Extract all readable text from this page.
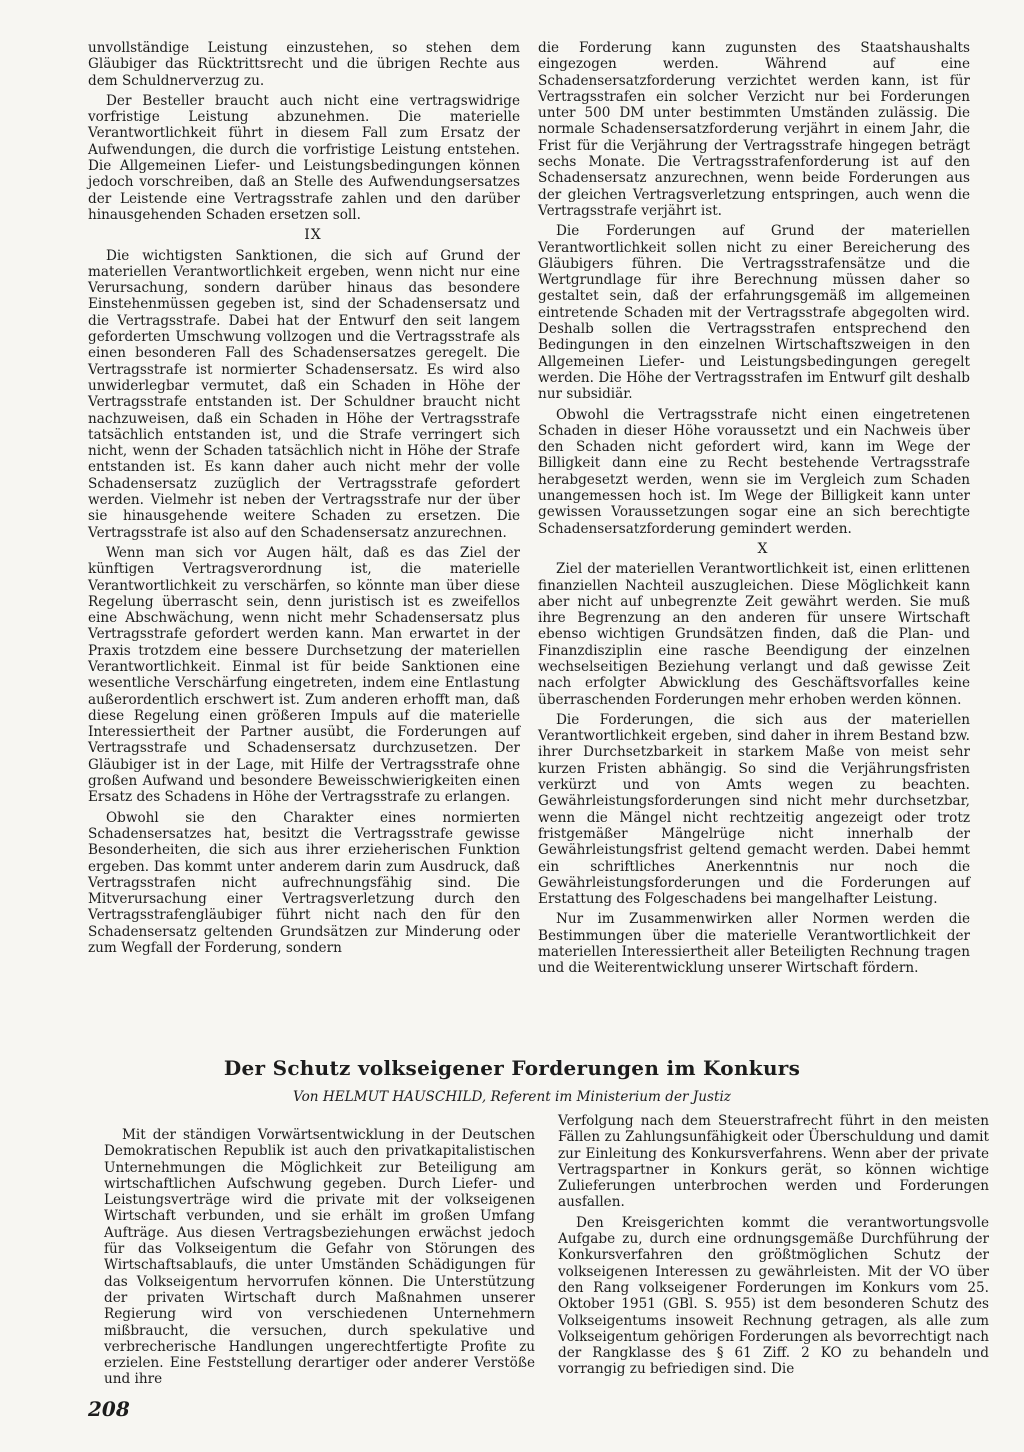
unvollständige Leistung einzustehen, so stehen dem Gläubiger das Rücktrittsrecht und die übrigen Rechte aus dem Schuldnerverzug zu.

Der Besteller braucht auch nicht eine vertragswidrige vorfristige Leistung abzunehmen. Die materielle Verantwortlichkeit führt in diesem Fall zum Ersatz der Aufwendungen, die durch die vorfristige Leistung entstehen. Die Allgemeinen Liefer- und Leistungsbedingungen können jedoch vorschreiben, daß an Stelle des Aufwendungsersatzes der Leistende eine Vertragsstrafe zahlen und den darüber hinausgehenden Schaden ersetzen soll.

IX

Die wichtigsten Sanktionen, die sich auf Grund der materiellen Verantwortlichkeit ergeben, wenn nicht nur eine Verursachung, sondern darüber hinaus das besondere Einstehenmüssen gegeben ist, sind der Schadensersatz und die Vertragsstrafe. Dabei hat der Entwurf den seit langem geforderten Umschwung vollzogen und die Vertragsstrafe als einen besonderen Fall des Schadensersatzes geregelt. Die Vertragsstrafe ist normierter Schadensersatz. Es wird also unwiderlegbar vermutet, daß ein Schaden in Höhe der Vertragsstrafe entstanden ist. Der Schuldner braucht nicht nachzuweisen, daß ein Schaden in Höhe der Vertragsstrafe tatsächlich entstanden ist, und die Strafe verringert sich nicht, wenn der Schaden tatsächlich nicht in Höhe der Strafe entstanden ist. Es kann daher auch nicht mehr der volle Schadensersatz zuzüglich der Vertragsstrafe gefordert werden. Vielmehr ist neben der Vertragsstrafe nur der über sie hinausgehende weitere Schaden zu ersetzen. Die Vertragsstrafe ist also auf den Schadensersatz anzurechnen.

Wenn man sich vor Augen hält, daß es das Ziel der künftigen Vertragsverordnung ist, die materielle Verantwortlichkeit zu verschärfen, so könnte man über diese Regelung überrascht sein, denn juristisch ist es zweifellos eine Abschwächung, wenn nicht mehr Schadensersatz plus Vertragsstrafe gefordert werden kann. Man erwartet in der Praxis trotzdem eine bessere Durchsetzung der materiellen Verantwortlichkeit. Einmal ist für beide Sanktionen eine wesentliche Verschärfung eingetreten, indem eine Entlastung außerordentlich erschwert ist. Zum anderen erhofft man, daß diese Regelung einen größeren Impuls auf die materielle Interessiertheit der Partner ausübt, die Forderungen auf Vertragsstrafe und Schadensersatz durchzusetzen. Der Gläubiger ist in der Lage, mit Hilfe der Vertragsstrafe ohne großen Aufwand und besondere Beweisschwierigkeiten einen Ersatz des Schadens in Höhe der Vertragsstrafe zu erlangen.

Obwohl sie den Charakter eines normierten Schadensersatzes hat, besitzt die Vertragsstrafe gewisse Besonderheiten, die sich aus ihrer erzieherischen Funktion ergeben. Das kommt unter anderem darin zum Ausdruck, daß Vertragsstrafen nicht aufrechnungsfähig sind. Die Mitverursachung einer Vertragsverletzung durch den Vertragsstrafengläubiger führt nicht nach den für den Schadensersatz geltenden Grundsätzen zur Minderung oder zum Wegfall der Forderung, sondern

die Forderung kann zugunsten des Staatshaushalts eingezogen werden. Während auf eine Schadensersatzforderung verzichtet werden kann, ist für Vertragsstrafen ein solcher Verzicht nur bei Forderungen unter 500 DM unter bestimmten Umständen zulässig. Die normale Schadensersatzforderung verjährt in einem Jahr, die Frist für die Verjährung der Vertragsstrafe hingegen beträgt sechs Monate. Die Vertragsstrafenforderung ist auf den Schadensersatz anzurechnen, wenn beide Forderungen aus der gleichen Vertragsverletzung entspringen, auch wenn die Vertragsstrafe verjährt ist.

Die Forderungen auf Grund der materiellen Verantwortlichkeit sollen nicht zu einer Bereicherung des Gläubigers führen. Die Vertragsstrafensätze und die Wertgrundlage für ihre Berechnung müssen daher so gestaltet sein, daß der erfahrungsgemäß im allgemeinen eintretende Schaden mit der Vertragsstrafe abgegolten wird. Deshalb sollen die Vertragsstrafen entsprechend den Bedingungen in den einzelnen Wirtschaftszweigen in den Allgemeinen Liefer- und Leistungsbedingungen geregelt werden. Die Höhe der Vertragsstrafen im Entwurf gilt deshalb nur subsidiär.

Obwohl die Vertragsstrafe nicht einen eingetretenen Schaden in dieser Höhe voraussetzt und ein Nachweis über den Schaden nicht gefordert wird, kann im Wege der Billigkeit dann eine zu Recht bestehende Vertragsstrafe herabgesetzt werden, wenn sie im Vergleich zum Schaden unangemessen hoch ist. Im Wege der Billigkeit kann unter gewissen Voraussetzungen sogar eine an sich berechtigte Schadensersatzforderung gemindert werden.

X

Ziel der materiellen Verantwortlichkeit ist, einen erlittenen finanziellen Nachteil auszugleichen. Diese Möglichkeit kann aber nicht auf unbegrenzte Zeit gewährt werden. Sie muß ihre Begrenzung an den anderen für unsere Wirtschaft ebenso wichtigen Grundsätzen finden, daß die Plan- und Finanzdisziplin eine rasche Beendigung der einzelnen wechselseitigen Beziehung verlangt und daß gewisse Zeit nach erfolgter Abwicklung des Geschäftsvorfalles keine überraschenden Forderungen mehr erhoben werden können.

Die Forderungen, die sich aus der materiellen Verantwortlichkeit ergeben, sind daher in ihrem Bestand bzw. ihrer Durchsetzbarkeit in starkem Maße von meist sehr kurzen Fristen abhängig. So sind die Verjährungsfristen verkürzt und von Amts wegen zu beachten. Gewährleistungsforderungen sind nicht mehr durchsetzbar, wenn die Mängel nicht rechtzeitig angezeigt oder trotz fristgemäßer Mängelrüge nicht innerhalb der Gewährleistungsfrist geltend gemacht werden. Dabei hemmt ein schriftliches Anerkenntnis nur noch die Gewährleistungsforderungen und die Forderungen auf Erstattung des Folgeschadens bei mangelhafter Leistung.

Nur im Zusammenwirken aller Normen werden die Bestimmungen über die materielle Verantwortlichkeit der materiellen Interessiertheit aller Beteiligten Rechnung tragen und die Weiterentwicklung unserer Wirtschaft fördern.

Der Schutz volkseigener Forderungen im Konkurs
Von HELMUT HAUSCHILD, Referent im Ministerium der Justiz

Mit der ständigen Vorwärtsentwicklung in der Deutschen Demokratischen Republik ist auch den privatkapitalistischen Unternehmungen die Möglichkeit zur Beteiligung am wirtschaftlichen Aufschwung gegeben. Durch Liefer- und Leistungsverträge wird die private mit der volkseigenen Wirtschaft verbunden, und sie erhält im großen Umfang Aufträge. Aus diesen Vertragsbeziehungen erwächst jedoch für das Volkseigentum die Gefahr von Störungen des Wirtschaftsablaufs, die unter Umständen Schädigungen für das Volkseigentum hervorrufen können. Die Unterstützung der privaten Wirtschaft durch Maßnahmen unserer Regierung wird von verschiedenen Unternehmern mißbraucht, die versuchen, durch spekulative und verbrecherische Handlungen ungerechtfertigte Profite zu erzielen. Eine Feststellung derartiger oder anderer Verstöße und ihre

Verfolgung nach dem Steuerstrafrecht führt in den meisten Fällen zu Zahlungsunfähigkeit oder Überschuldung und damit zur Einleitung des Konkursverfahrens. Wenn aber der private Vertragspartner in Konkurs gerät, so können wichtige Zulieferungen unterbrochen werden und Forderungen ausfallen.

Den Kreisgerichten kommt die verantwortungsvolle Aufgabe zu, durch eine ordnungsgemäße Durchführung der Konkursverfahren den größtmöglichen Schutz der volkseigenen Interessen zu gewährleisten. Mit der VO über den Rang volkseigener Forderungen im Konkurs vom 25. Oktober 1951 (GBl. S. 955) ist dem besonderen Schutz des Volkseigentums insoweit Rechnung getragen, als alle zum Volkseigentum gehörigen Forderungen als bevorrechtigt nach der Rangklasse des § 61 Ziff. 2 KO zu behandeln und vorrangig zu befriedigen sind. Die

208
